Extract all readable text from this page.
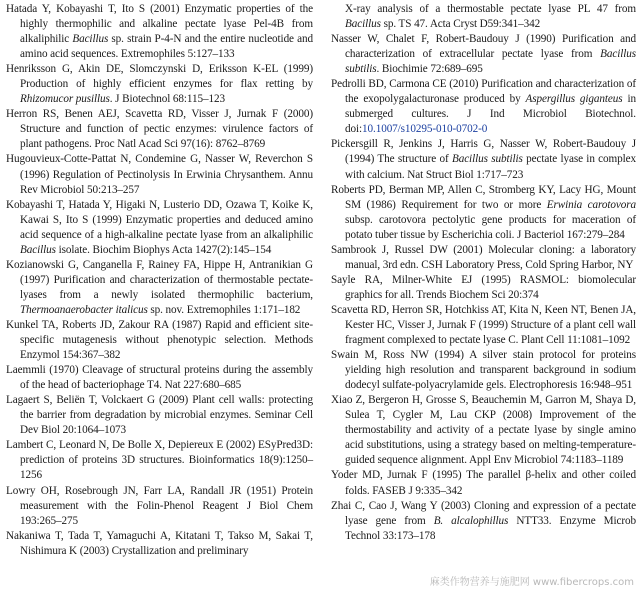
Hatada Y, Kobayashi T, Ito S (2001) Enzymatic properties of the highly thermophilic and alkaline pectate lyase Pel-4B from alkaliphilic Bacillus sp. strain P-4-N and the entire nucleotide and amino acid sequences. Extremophiles 5:127–133

Henriksson G, Akin DE, Slomczynski D, Eriksson K-EL (1999) Production of highly efficient enzymes for flax retting by Rhizomucor pusillus. J Biotechnol 68:115–123

Herron RS, Benen AEJ, Scavetta RD, Visser J, Jurnak F (2000) Structure and function of pectic enzymes: virulence factors of plant pathogens. Proc Natl Acad Sci 97(16): 8762–8769

Hugouvieux-Cotte-Pattat N, Condemine G, Nasser W, Reverchon S (1996) Regulation of Pectinolysis In Erwinia Chrysanthem. Annu Rev Microbiol 50:213–257

Kobayashi T, Hatada Y, Higaki N, Lusterio DD, Ozawa T, Koike K, Kawai S, Ito S (1999) Enzymatic properties and deduced amino acid sequence of a high-alkaline pectate lyase from an alkaliphilic Bacillus isolate. Biochim Biophys Acta 1427(2):145–154

Kozianowski G, Canganella F, Rainey FA, Hippe H, Antranikian G (1997) Purification and characterization of thermostable pectate-lyases from a newly isolated thermophilic bacterium, Thermoanaerobacter italicus sp. nov. Extremophiles 1:171–182

Kunkel TA, Roberts JD, Zakour RA (1987) Rapid and efficient site-specific mutagenesis without phenotypic selection. Methods Enzymol 154:367–382

Laemmli (1970) Cleavage of structural proteins during the assembly of the head of bacteriophage T4. Nat 227:680–685

Lagaert S, Beliën T, Volckaert G (2009) Plant cell walls: protecting the barrier from degradation by microbial enzymes. Seminar Cell Dev Biol 20:1064–1073

Lambert C, Leonard N, De Bolle X, Depiereux E (2002) ESyPred3D: prediction of proteins 3D structures. Bioinformatics 18(9):1250–1256

Lowry OH, Rosebrough JN, Farr LA, Randall JR (1951) Protein measurement with the Folin-Phenol Reagent J Biol Chem 193:265–275

Nakaniwa T, Tada T, Yamaguchi A, Kitatani T, Takso M, Sakai T, Nishimura K (2003) Crystallization and preliminary

X-ray analysis of a thermostable pectate lyase PL 47 from Bacillus sp. TS 47. Acta Cryst D59:341–342

Nasser W, Chalet F, Robert-Baudouy J (1990) Purification and characterization of extracellular pectate lyase from Bacillus subtilis. Biochimie 72:689–695

Pedrolli BD, Carmona CE (2010) Purification and characterization of the exopolygalacturonase produced by Aspergillus giganteus in submerged cultures. J Ind Microbiol Biotechnol. doi:10.1007/s10295-010-0702-0

Pickersgill R, Jenkins J, Harris G, Nasser W, Robert-Baudouy J (1994) The structure of Bacillus subtilis pectate lyase in complex with calcium. Nat Struct Biol 1:717–723

Roberts PD, Berman MP, Allen C, Stromberg KY, Lacy HG, Mount SM (1986) Requirement for two or more Erwinia carotovora subsp. carotovora pectolytic gene products for maceration of potato tuber tissue by Escherichia coli. J Bacteriol 167:279–284

Sambrook J, Russel DW (2001) Molecular cloning: a laboratory manual, 3rd edn. CSH Laboratory Press, Cold Spring Harbor, NY

Sayle RA, Milner-White EJ (1995) RASMOL: biomolecular graphics for all. Trends Biochem Sci 20:374

Scavetta RD, Herron SR, Hotchkiss AT, Kita N, Keen NT, Benen JA, Kester HC, Visser J, Jurnak F (1999) Structure of a plant cell wall fragment complexed to pectate lyase C. Plant Cell 11:1081–1092

Swain M, Ross NW (1994) A silver stain protocol for proteins yielding high resolution and transparent background in sodium dodecyl sulfate-polyacrylamide gels. Electrophoresis 16:948–951

Xiao Z, Bergeron H, Grosse S, Beauchemin M, Garron M, Shaya D, Sulea T, Cygler M, Lau CKP (2008) Improvement of the thermostability and activity of a pectate lyase by single amino acid substitutions, using a strategy based on melting-temperature-guided sequence alignment. Appl Env Microbiol 74:1183–1189

Yoder MD, Jurnak F (1995) The parallel β-helix and other coiled folds. FASEB J 9:335–342

Zhai C, Cao J, Wang Y (2003) Cloning and expression of a pectate lyase gene from B. alcalophillus NTT33. Enzyme Microb Technol 33:173–178

麻类作物营养与施肥网 www.fibercrops.com
